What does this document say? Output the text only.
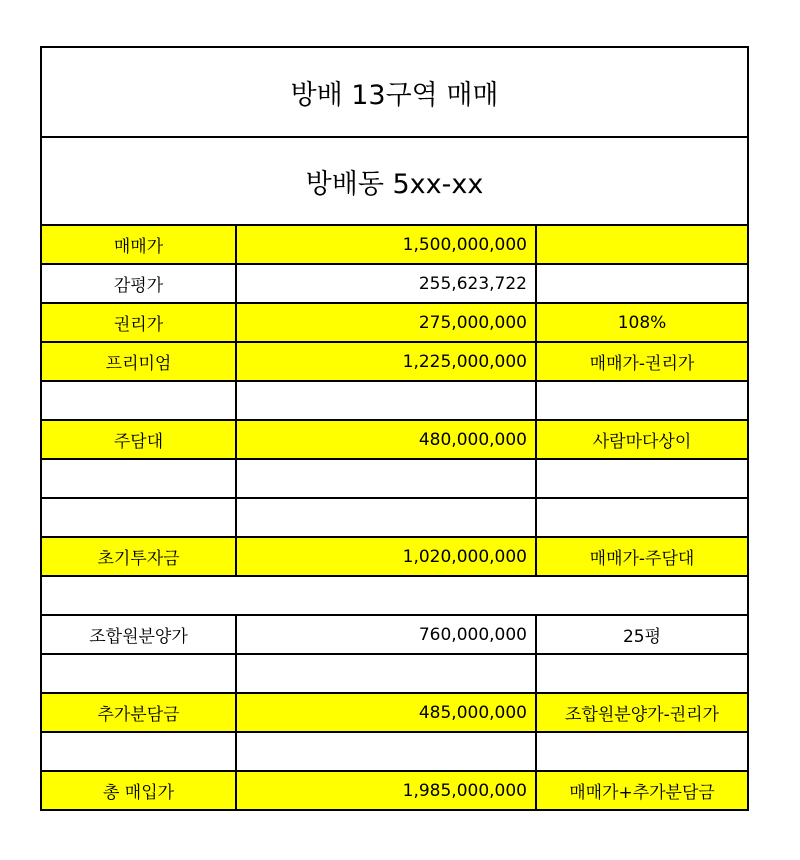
방배 13구역 매매
방배동 5xx-xx
매매가	1,500,000,000
감평가	255,623,722
권리가	275,000,000	108%
프리미엄	1,225,000,000	매매가-권리가
주담대	480,000,000	사람마다상이
초기투자금	1,020,000,000	매매가-주담대
조합원분양가	760,000,000	25평
추가분담금	485,000,000	조합원분양가-권리가
총 매입가	1,985,000,000	매매가+추가분담금
